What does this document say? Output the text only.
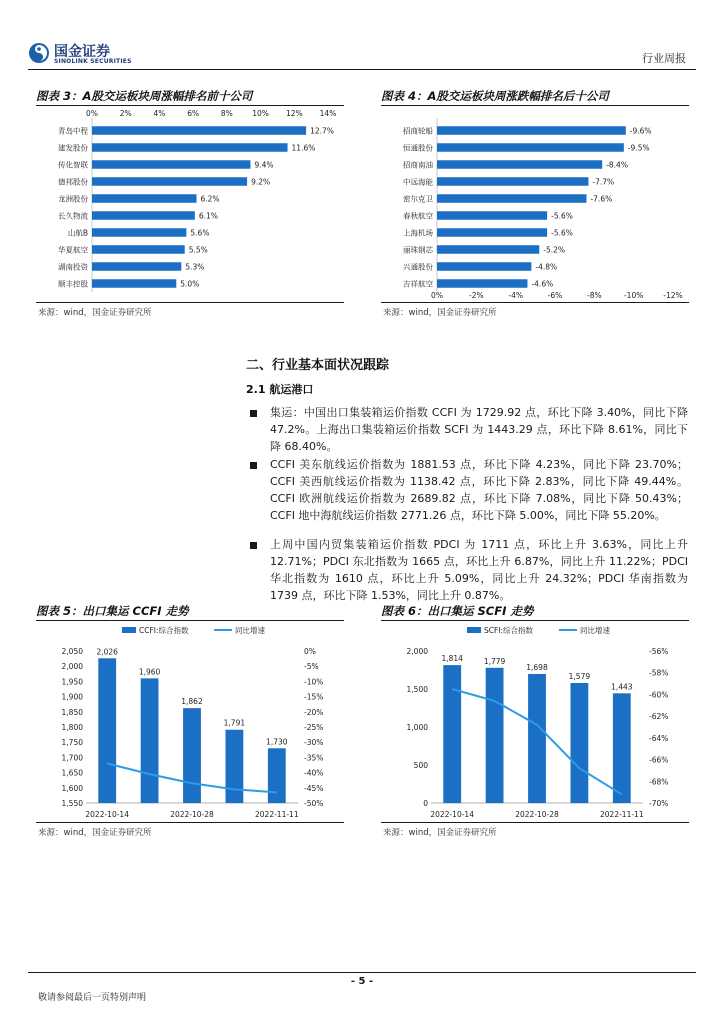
国金证券
SINOLINK SECURITIES	行业周报
图表 3：A股交运板块周涨幅排名前十公司
0%	2%	4%	6%	8%	10% 12% 14%
青岛中程	12.7%
建发股份	11.6%
传化智联	9.4%
德邦股份	9.2%
龙洲股份	6.2%
长久物流	6.1%
山航B	5.6%
华夏航空	5.5%
湖南投资	5.3%
顺丰控股	5.0%
来源：wind，国金证券研究所
图表 4：A股交运板块周涨跌幅排名后十公司
0%	-2%	-4%	-6%	-8%	-10%	-12%
招商轮船	-9.6%
恒通股份	-9.5%
招商南油	-8.4%
中远海能	-7.7%
密尔克卫	-7.6%
春秋航空	-5.6%
上海机场	-5.6%
丽珠钢芯	-5.2%
兴通股份	-4.8%
吉祥航空	-4.6%
来源：wind，国金证券研究所
二、行业基本面状况跟踪
2.1 航运港口
集运：中国出口集装箱运价指数 CCFI 为 1729.92 点，环比下降 3.40%，同比下降 47.2%。上海出口集装箱运价指数 SCFI 为 1443.29 点，环比下降 8.61%，同比下降 68.40%。
CCFI 美东航线运价指数为 1881.53 点，环比下降 4.23%，同比下降 23.70%；CCFI 美西航线运价指数为 1138.42 点，环比下降 2.83%，同比下降 49.44%。CCFI 欧洲航线运价指数为 2689.82 点，环比下降 7.08%，同比下降 50.43%；CCFI 地中海航线运价指数 2771.26 点，环比下降 5.00%，同比下降 55.20%。
上周中国内贸集装箱运价指数 PDCI 为 1711 点，环比上升 3.63%，同比上升 12.71%；PDCI 东北指数为 1665 点，环比上升 6.87%，同比上升 11.22%；PDCI 华北指数为 1610 点，环比上升 5.09%，同比上升 24.32%；PDCI 华南指数为 1739 点，环比下降 1.53%，同比上升 0.87%。
图表 5：出口集运 CCFI 走势
CCFI:综合指数	同比增速
1,550
1,600
1,650
1,700
1,750
1,800
1,850
1,900
1,950
2,000
2,050
-50%
-45%
-40%
-35%
-30%
-25%
-20%
-15%
-10%
-5%
0%
2,026
1,960
1,862
1,791
1,730
2022-10-14	2022-10-28	2022-11-11
来源：wind，国金证券研究所
图表 6：出口集运 SCFI 走势
SCFI:综合指数	同比增速
0
500
1,000
1,500
2,000
-70%
-68%
-66%
-64%
-62%
-60%
-58%
-56%
1,814	1,779
1,698
1,579
1,443
2022-10-14	2022-10-28	2022-11-11
来源：wind，国金证券研究所
- 5 -
敬请参阅最后一页特别声明
